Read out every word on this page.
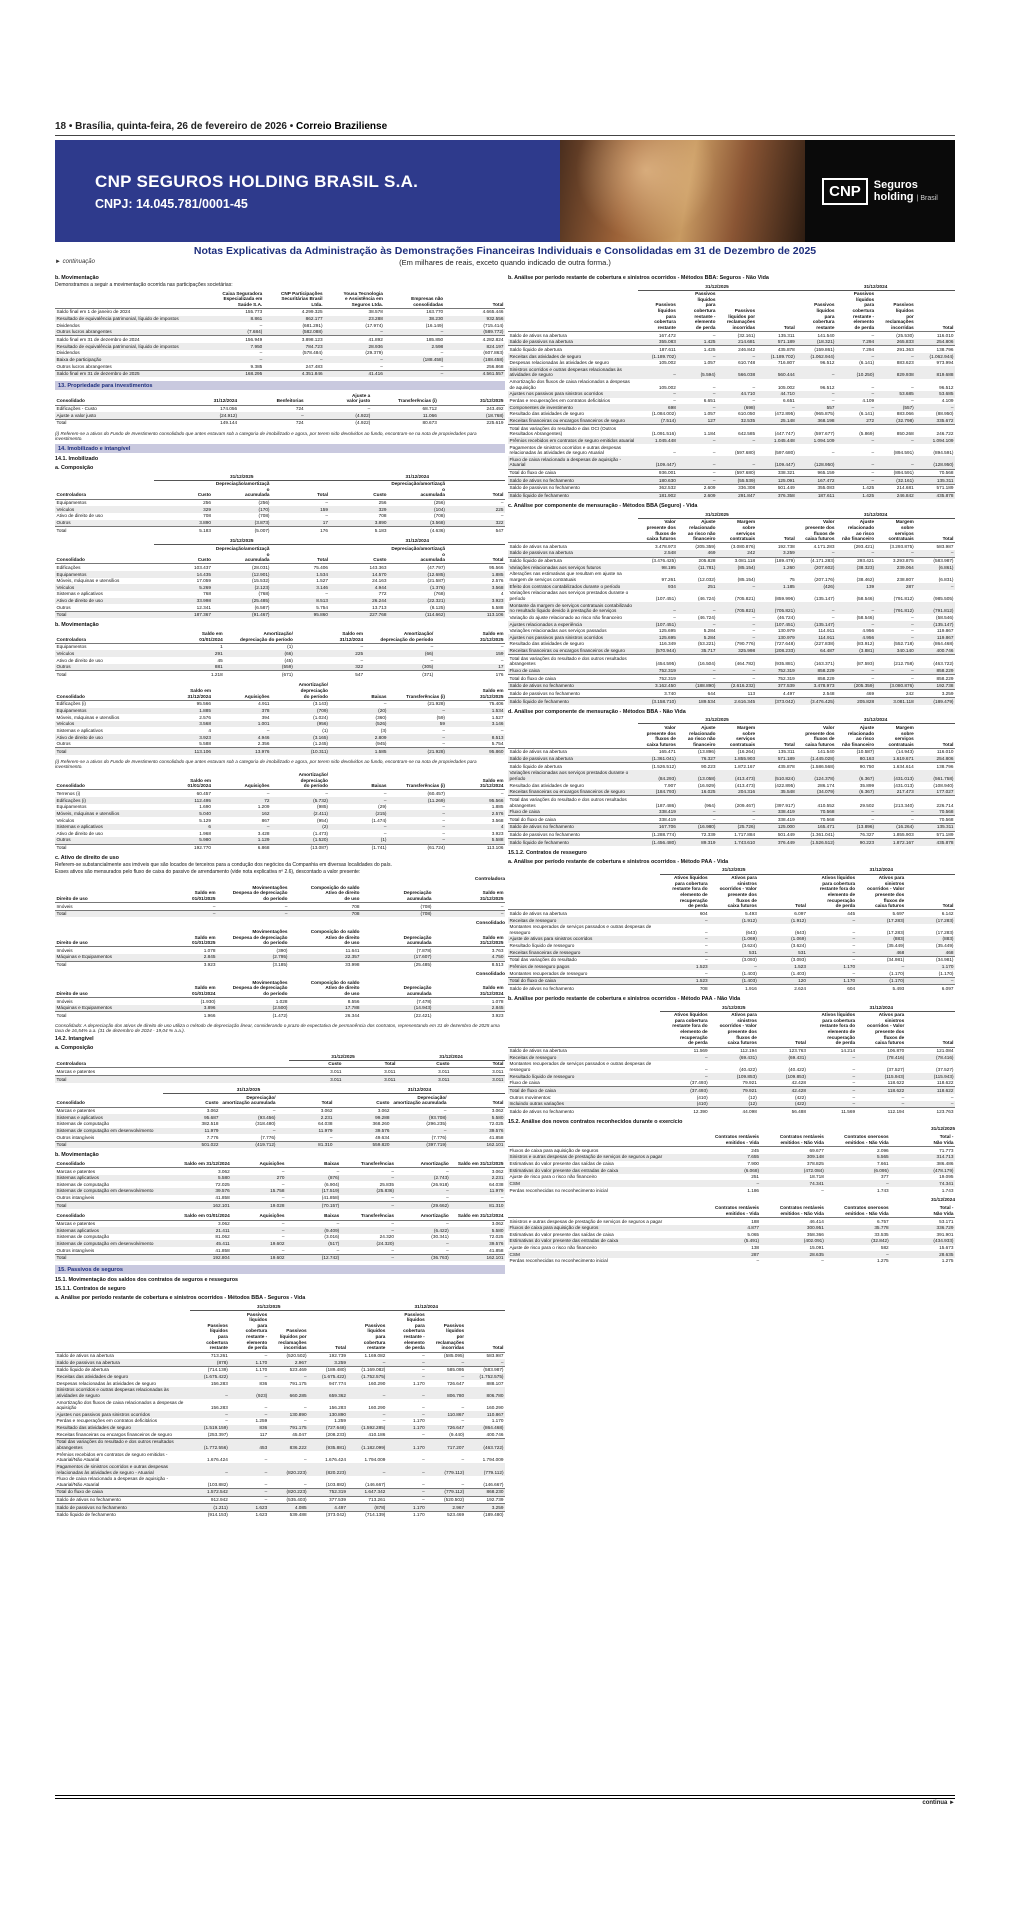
18 • Brasília, quinta-feira, 26 de fevereiro de 2026 • Correio Braziliense
CNP SEGUROS HOLDING BRASIL S.A.
CNPJ: 14.045.781/0001-45
CNP	Seguros
holding | Brasil
Notas Explicativas da Administração às Demonstrações Financeiras Individuais e Consolidadas em 31 de Dezembro de 2025
(Em milhares de reais, exceto quando indicado de outra forma.)
► continuação
b. Movimentação
Demonstramos a seguir a movimentação ocorrida nas participações societárias:
	Caixa Seguradora
Especializada em
Saúde S.A.	CNP Participações
Securitárias Brasil
Ltda.	Yousa Tecnologia
e Assistência em
Seguros Ltda.	Empresas não
consolidadas	Total
Saldo final em 1 de janeiro de 2024	155.773	4.299.325	38.578	163.770	4.665.446
Resultado de equivalência patrimonial, líquido de impostos	8.861	862.177	23.288	38.230	932.556
Dividendos	–	(681.291)	(17.974)	(16.149)	(715.414)
Outros lucros abrangentes	(7.684)	(582.088)	–	–	(589.772)
Saldo final em 31 de dezembro de 2024	156.949	3.898.123	41.892	185.850	4.282.824
Resultado de equivalência patrimonial, líquido de impostos	7.950	784.723	28.936	2.598	824.197
Dividendos	–	(578.484)	(29.379)	–	(607.863)
Baixa de participação	–	–	–	(188.458)	(188.458)
Outros lucros abrangentes	9.385	247.483	–	–	256.868
Saldo final em 31 de dezembro de 2025	168.295	4.351.846	41.416	–	4.561.557
13. Propriedade para investimentos
Consolidado	31/12/2024	Benfeitorias	Ajuste a
valor justo	Transferências (i)	31/12/2025
Edificações - Custo	174.056	724	–	68.712	243.492
Ajuste a valor justo	(24.912)	–	(4.922)	11.066	(18.768)
Total	149.144	724	(4.922)	80.673	225.619
(i) Referem-se a ativos do Fundo de Investimento consolidado que antes estavam sob a categoria de imobilizado e agora, por terem sido devolvidos ao fundo, encontram-se na nota de propriedades para investimento.
14. Imobilizado e intangível
14.1. Imobilizado
a. Composição
	31/12/2025			31/12/2024		
Controladora	Custo	Depreciação/amortização
acumulada	Total	Custo	Depreciação/amortização
acumulada	Total
Equipamentos	256	(256)	–	256	(256)	–
Veículos	329	(170)	159	329	(104)	225
Ativo de direito de uso	708	(708)	–	708	(708)	–
Outros	3.890	(3.873)	17	3.890	(3.568)	322
Total	5.183	(5.007)	176	5.183	(4.636)	547
	31/12/2025			31/12/2024		
Consolidado	Custo	Depreciação/amortização
acumulada	Total	Custo	Depreciação/amortização
acumulada	Total
Edificações	103.437	(28.031)	75.406	143.363	(47.797)	95.566
Equipamentos	14.435	(12.901)	1.534	14.570	(12.685)	1.885
Móveis, máquinas e utensílios	17.059	(15.532)	1.527	24.163	(21.587)	2.576
Veículos	5.269	(2.123)	3.146	4.944	(1.376)	3.568
Sistemas e aplicativos	768	(768)	–	772	(768)	4
Ativo de direito de uso	33.998	(25.485)	8.513	26.244	(22.321)	3.923
Outros	12.341	(6.587)	5.754	13.713	(8.125)	5.588
Total	187.367	(91.467)	95.860	227.768	(114.662)	113.106
b. Movimentação
Controladora	Saldo em
01/01/2024	Amortização/
depreciação do período	Saldo em
31/12/2024	Amortização/
depreciação do período	Saldo em
31/12/2025
Equipamentos	1	(1)	–	–	–
Veículos	291	(66)	225	(66)	159
Ativo de direito de uso	45	(45)	–	–	–
Outros	881	(559)	322	(305)	17
Total	1.218	(671)	547	(371)	176
Consolidado	Saldo em
31/12/2024	Aquisições	Amortização/
depreciação
do período	Baixas	Transferências (i)	Saldo em
31/12/2025
Edificações (i)	95.566	4.911	(3.143)	–	(21.928)	75.406
Equipamentos	1.885	378	(709)	(20)	–	1.534
Móveis, máquinas e utensílios	2.576	394	(1.024)	(360)	(59)	1.527
Veículos	3.568	1.001	(956)	(526)	59	3.146
Sistemas e aplicativos	4	–	(1)	(3)	–	–
Ativo de direito de uso	3.923	4.946	(3.165)	2.809	–	8.513
Outros	5.588	2.356	(1.245)	(945)	–	5.754
Total	113.106	13.976	(10.311)	1.585	(21.928)	95.860
(i) Referem-se a ativos do Fundo de Investimento consolidado que antes estavam sob a categoria de imobilizado e agora, por terem sido devolvidos ao fundo, encontram-se na nota de propriedades para investimento.
Consolidado	Saldo em
01/01/2024	Aquisições	Amortização/
depreciação
do período	Baixas	Transferências (i)	Saldo em
31/12/2024
Terrenos (i)	60.457	–	–	–	(60.457)	–
Edificações (i)	112.495	72	(5.732)	–	(11.269)	95.566
Equipamentos	1.690	1.209	(985)	(29)	–	1.885
Móveis, máquinas e utensílios	5.040	162	(2.411)	(215)	–	2.576
Veículos	5.129	867	(954)	(1.474)	–	3.568
Sistemas e aplicativos	6	–	(2)	–	–	4
Ativo de direito de uso	1.968	3.428	(1.473)	–	–	3.923
Outros	5.980	1.129	(1.520)	(1)	–	5.588
Total	192.770	6.868	(13.087)	(1.741)	(61.724)	113.106
c. Ativo de direito de uso
Referem-se substancialmente aos imóveis que são locados de terceiros para a condução dos negócios da Companhia em diversas localidades do país.
Esses ativos são mensurados pelo fluxo de caixa do passivo de arrendamento (vide nota explicativa nº 2.6), descontado a valor presente:
Controladora
Direito de uso	Saldo em
01/01/2025	Movimentações
Despesa de depreciação
do período	Composição do saldo
Ativo de direito
de uso	Depreciação
acumulada	Saldo em
31/12/2025
Imóveis	–	–	708	(708)	–
Total	–	–	708	(708)	–
Consolidado
Direito de uso	Saldo em
01/01/2025	Movimentações
Despesa de depreciação
do período	Composição do saldo
Ativo de direito
de uso	Depreciação
acumulada	Saldo em
31/12/2025
Imóveis	1.078	(390)	11.641	(7.878)	3.763
Máquinas e Equipamentos	2.845	(2.795)	22.357	(17.607)	4.750
Total	3.923	(3.185)	33.998	(25.485)	8.513
Consolidado
Direito de uso	Saldo em
01/01/2024	Movimentações
Despesa de depreciação
do período	Composição do saldo
Ativo de direito
de uso	Depreciação
acumulada	Saldo em
31/12/2024
Imóveis	(1.930)	1.028	8.556	(7.478)	1.078
Máquinas e Equipamentos	3.896	(2.500)	17.788	(14.943)	2.845
Total	1.966	(1.472)	26.344	(22.421)	3.923
Consolidado: A depreciação dos ativos de direito de uso utiliza o método de depreciação linear, considerando o prazo de expectativa de permanência dos contratos, representando em 31 de dezembro de 2025 uma taxa de 16,54% a.a. (31 de dezembro de 2024 - 19,04 % a.a.).
14.2. Intangível
a. Composição
	31/12/2025		31/12/2024	
Controladora	Custo	Total	Custo	Total
Marcas e patentes	3.011	3.011	3.011	3.011
Total	3.011	3.011	3.011	3.011
	31/12/2025			31/12/2024		
Consolidado	Custo	Depreciação/
amortização acumulada	Total	Custo	Depreciação/
amortização acumulada	Total
Marcas e patentes	3.062	–	3.062	3.062	–	3.062
Sistemas e aplicativos	95.687	(93.456)	2.231	99.288	(93.708)	5.580
Sistemas de computação	382.518	(318.480)	64.038	368.260	(296.235)	72.025
Sistemas de computação em desenvolvimento	11.979	–	11.979	39.576	–	39.576
Outros intangíveis	7.776	(7.776)	–	49.634	(7.776)	41.858
Total	501.022	(419.712)	81.310	559.820	(397.719)	162.101
b. Movimentação
Consolidado	Saldo em 31/12/2024	Aquisições	Baixas	Transferências	Amortização	Saldo em 31/12/2025
Marcas e patentes	3.062	–	–	–	–	3.062
Sistemas aplicativos	5.580	270	(876)	–	(2.743)	2.231
Sistemas de computação	72.025	–	(6.904)	25.835	(26.918)	64.038
Sistemas de computação em desenvolvimento	39.576	15.758	(17.519)	(25.836)	–	11.979
Outros intangíveis	41.858	–	(41.858)	–	–	–
Total	162.101	19.028	(70.157)	–	(29.662)	81.310
Consolidado	Saldo em 01/01/2024	Aquisições	Baixas	Transferências	Amortização	Saldo em 31/12/2024
Marcas e patentes	3.062	–	–	–	–	3.062
Sistemas aplicativos	21.411	–	(9.409)	–	(6.422)	5.580
Sistemas de computação	81.062	–	(3.016)	24.320	(30.341)	72.025
Sistemas de computação em desenvolvimento	45.411	19.602	(517)	(24.320)	–	39.576
Outros intangíveis	41.858	–	–	–	–	41.858
Total	192.804	19.602	(12.742)	–	(36.763)	162.101
15. Passivos de seguros
15.1. Movimentação dos saldos dos contratos de seguros e resseguros
15.1.1. Contratos de seguro
a. Análise por período restante de cobertura e sinistros ocorridos - Métodos BBA - Seguros - Vida
	31/12/2025				31/12/2024			
	Passivos
líquidos
para
cobertura
restante	Passivos
líquidos
para
cobertura
restante -
elemento
de perda	Passivos
líquidos por
reclamações
incorridas	Total	Passivos
líquidos
para
cobertura
restante	Passivos
líquidos
para
cobertura
restante -
elemento
de perda	Passivos
líquidos
por
reclamações
incorridas	Total
Saldo de ativos na abertura	713.261	–	(520.502)	192.739	1.169.082	–	(585.095)	583.987
Saldo de passivos na abertura	(878)	1.170	2.967	3.259	–	–	–	–
Saldo líquido de abertura	(714.139)	1.170	523.469	(189.480)	(1.169.082)	–	585.095	(583.987)
Receitas das atividades de seguro	(1.675.422)	–	–	(1.675.422)	(1.752.575)	–	–	(1.752.575)
Despesas relacionadas às atividades de seguro	156.283	836	791.175	947.774	160.290	1.170	726.647	888.107
Sinistros ocorridos e outras despesas relacionadas às atividades de seguro	–	(923)	660.285	659.362	–	–	806.780	806.780
Amortização dos fluxos de caixa relacionados a despesas de aquisição	156.283	–	–	156.283	160.290	–	–	160.290
Ajustes nos passivos para sinistros ocorridos	–	–	130.890	130.890	–	–	110.867	110.867
Perdas e recuperações em contratos deficitários	–	1.259	–	1.259	–	1.170	–	1.170
Resultado das atividades de seguro	(1.519.159)	836	791.175	(727.648)	(1.592.285)	1.170	726.647	(864.468)
Receitas financeiras ou encargos financeiros de seguro	(253.397)	117	45.047	(208.233)	410.186	–	(9.440)	400.746
Total das variações do resultado e dos outros resultados abrangentes	(1.772.556)	453	836.222	(935.881)	(1.182.099)	1.170	717.207	(463.722)
Prêmios recebidos em contratos de seguro emitidos - Atuarial/Não Atuarial	1.676.424	–	–	1.676.424	1.794.009	–	–	1.794.009
Pagamentos de sinistros ocorridos e outras despesas relacionadas às atividades de seguro - Atuarial	–	–	(820.223)	(820.223)	–	–	(779.112)	(779.112)
Fluxo de caixa relacionado a despesas de aquisição - Atuarial/Não Atuarial	(103.882)	–	–	(103.882)	(146.667)	–	–	(146.667)
Total do fluxo de caixa	1.572.542	–	(820.223)	752.319	1.647.342	–	(779.112)	868.230
Saldo de ativos no fechamento	912.942	–	(535.403)	377.539	713.261	–	(520.502)	192.739
Saldo de passivos no fechamento	(1.211)	1.623	4.085	4.497	(878)	1.170	2.967	3.259
Saldo líquido de fechamento	(914.153)	1.623	539.488	(373.042)	(714.139)	1.170	523.469	(189.480)
b. Análise por período restante de cobertura e sinistros ocorridos - Métodos BBA: Seguros - Não Vida
	31/12/2025				31/12/2024			
	Passivos
líquidos
para
cobertura
restante	Passivos
líquidos
para
cobertura
restante -
elemento
de perda	Passivos
líquidos por
reclamações
incorridas	Total	Passivos
líquidos
para
cobertura
restante	Passivos
líquidos
para
cobertura
restante -
elemento
de perda	Passivos
líquidos
por
reclamações
incorridas	Total
Saldo de ativos na abertura	167.472	–	(32.161)	135.311	141.540	–	(25.530)	116.010
Saldo de passivos na abertura	355.083	1.425	214.681	571.189	(18.321)	7.294	265.833	254.806
Saldo líquido de abertura	187.611	1.425	246.842	435.878	(159.861)	7.294	291.363	138.796
Receitas das atividades de seguro	(1.189.702)	–	–	(1.189.702)	(1.062.944)	–	–	(1.062.944)
Despesas relacionadas às atividades de seguro	105.002	1.057	610.748	716.807	96.512	(6.141)	883.623	973.994
Sinistros ocorridos e outras despesas relacionadas às atividades de seguro	–	(5.594)	566.038	560.444	–	(10.250)	829.938	819.688
Amortização dos fluxos de caixa relacionados a despesas de aquisição	105.002	–	–	105.002	96.512	–	–	96.512
Ajustes nos passivos para sinistros ocorridos	–	–	44.710	44.710	–	–	53.685	53.685
Perdas e recuperações em contratos deficitários	–	6.651	–	6.651	–	4.109	–	4.109
Componentes de investimento	698	–	(698)	–	557	–	(557)	–
Resultado das atividades de seguro	(1.084.002)	1.057	610.050	(472.895)	(965.875)	(6.141)	883.066	(88.950)
Receitas financeiras ou encargos financeiros de seguro	(7.514)	127	32.535	25.148	368.198	272	(32.798)	335.672
Total das variações do resultado e das OCI (Outros Resultados Abrangentes)	(1.091.516)	1.184	642.585	(447.747)	(597.677)	(5.869)	850.268	246.722
Prêmios recebidos em contratos de seguro emitidos atuarial	1.045.448	–	–	1.045.448	1.094.109	–	–	1.094.109
Pagamentos de sinistros ocorridos e outras despesas relacionadas às atividades de seguro Atuarial	–	–	(597.680)	(597.680)	–	–	(894.591)	(894.591)
Fluxo de caixa relacionado a despesas de aquisição - Atuarial	(109.447)	–	–	(109.447)	(128.950)	–	–	(128.950)
Total do fluxo de caixa	936.001	–	(597.680)	338.321	965.159	–	(894.591)	70.568
Saldo de ativos no fechamento	180.630	–	(55.539)	125.091	167.472	–	(32.161)	135.311
Saldo de passivos no fechamento	362.532	2.609	336.308	501.449	355.083	1.425	214.681	571.189
Saldo líquido de fechamento	181.902	2.609	291.847	376.358	187.611	1.425	246.842	435.878
c. Análise por componente de mensuração - Métodos BBA (Seguro) - Vida
	31/12/2025				31/12/2024			
	Valor
presente dos
fluxos de
caixa futuros	Ajuste
relacionado
ao risco não
financeiro	Margem
sobre
serviços
contratuais	Total	Valor
presente dos
fluxos de
caixa futuros	Ajuste
relacionado
ao risco
não financeiro	Margem
sobre
serviços
contratuais	Total
Saldo de ativos na abertura	3.478.973	(205.359)	(3.080.876)	192.738	4.171.283	(293.421)	(3.293.875)	583.987
Saldo de passivos na abertura	2.548	469	242	3.259	–	–	–	–
Saldo líquido de abertura	(3.476.425)	205.828	3.081.118	(189.479)	(4.171.283)	293.421	3.293.875	(583.987)
Variações relacionadas aos serviços futuros	98.195	(11.781)	(85.154)	1.260	(207.602)	(38.323)	239.064	(6.861)
Alterações nas estimativas que resultam em ajuste na margem de serviços contratuais	97.261	(12.032)	(85.154)	75	(207.176)	(38.462)	238.807	(6.831)
Efeito dos contratos contabilizados durante o período	934	251	–	1.185	(426)	139	287	–
Variações relacionadas aos serviços prestados durante o período	(107.451)	(46.724)	(705.821)	(859.996)	(135.147)	(58.546)	(791.812)	(985.505)
Montante da margem de serviços contratuais contabilizado no resultado líquido devido à prestação de serviços	–	–	(705.821)	(705.821)	–	–	(791.812)	(791.812)
Variação do ajuste relacionado ao risco não financeiro	–	(46.724)	–	(46.724)	–	(58.546)	–	(58.546)
Ajustes relacionados a experiência	(107.451)	–	–	(107.451)	(135.147)	–	–	(135.147)
Variações relacionadas aos serviços passados	125.695	5.284	–	130.979	114.911	4.956	–	119.867
Ajustes nos passivos para sinistros ocorridos	125.695	5.284	–	130.979	114.911	4.956	–	119.867
Resultado das atividades de seguro	116.349	(53.221)	(790.776)	(727.648)	(227.838)	(83.912)	(552.718)	(864.468)
Receitas financeiras ou encargos financeiros de seguro	(570.944)	35.717	325.998	(208.233)	64.487	(3.881)	340.140	400.746
Total das variações do resultado e dos outros resultados abrangentes	(454.595)	(16.504)	(464.782)	(935.881)	(163.371)	(87.593)	(212.758)	(463.722)
Fluxo de caixa	752.319	–	–	752.319	858.229	–	–	858.229
Total do fluxo de caixa	752.319	–	–	752.319	858.229	–	–	858.229
Saldo de ativos no fechamento	3.162.450	(188.890)	(2.616.232)	377.539	3.478.973	(205.359)	(3.080.876)	192.738
Saldo de passivos no fechamento	3.740	644	113	4.497	2.548	469	242	3.259
Saldo líquido de fechamento	(3.158.710)	189.534	2.616.345	(373.042)	(3.476.425)	205.828	3.081.118	(189.479)
d. Análise por componente de mensuração - Métodos BBA - Não Vida
	31/12/2025				31/12/2024			
	Valor
presente dos
fluxos de
caixa futuros	Ajuste
relacionado
ao risco não
financeiro	Margem
sobre
serviços
contratuais	Total	Valor
presente dos
fluxos de
caixa futuros	Ajuste
relacionado
ao risco
não financeiro	Margem
sobre
serviços
contratuais	Total
Saldo de ativos na abertura	165.471	(13.896)	(16.264)	135.311	141.540	(10.587)	(14.943)	116.010
Saldo de passivos na abertura	(1.361.041)	76.327	1.855.903	571.189	(1.445.028)	80.163	1.619.671	254.806
Saldo líquido de abertura	(1.526.512)	90.223	1.872.167	435.878	(1.586.568)	90.750	1.634.614	138.796
Variações relacionadas aos serviços prestados durante o período	(84.293)	(13.058)	(413.473)	(510.824)	(124.378)	(6.367)	(431.013)	(561.758)
Resultado das atividades de seguro	7.907	(16.929)	(413.473)	(422.895)	286.174	35.899	(431.013)	(108.940)
Receitas financeiras ou encargos financeiros de seguro	(184.793)	16.025	204.316	35.548	(34.079)	(6.367)	217.473	177.027
Total das variações do resultado e dos outros resultados abrangentes	(187.486)	(964)	(209.467)	(397.917)	410.552	29.502	(213.340)	226.714
Fluxo de caixa	338.419	–	–	338.419	70.568	–	–	70.568
Total do fluxo de caixa	338.419	–	–	338.419	70.568	–	–	70.568
Saldo de ativos no fechamento	167.706	(16.980)	(25.726)	125.000	165.471	(13.896)	(16.264)	135.311
Saldo de passivos no fechamento	(1.288.774)	72.339	1.717.884	501.449	(1.361.041)	76.327	1.855.903	571.189
Saldo líquido de fechamento	(1.456.480)	89.319	1.743.610	376.449	(1.526.512)	90.223	1.872.167	435.878
15.1.2. Contratos de resseguro
a. Análise por período restante de cobertura e sinistros ocorridos - Método PAA - Vida
	31/12/2025			31/12/2024		
	Ativos líquidos
para cobertura
restante fora do
elemento de
recuperação
de perda	Ativos para
sinistros
ocorridos - Valor
presente dos
fluxos de
caixa futuros	Total	Ativos líquidos
para cobertura
restante fora do
elemento de
recuperação
de perda	Ativos para
sinistros
ocorridos - Valor
presente dos
fluxos de
caixa futuros	Total
Saldo de ativos na abertura	604	5.493	6.097	445	5.697	6.142
Receitas de resseguro	–	(1.912)	(1.912)	–	(17.283)	(17.283)
Montantes recuperados de serviços passados e outras despesas de resseguro	–	(643)	(643)	–	(17.283)	(17.283)
Ajuste de ativos para sinistros ocorridos	–	(1.069)	(1.069)	–	(883)	(883)
Resultado líquido de resseguro	–	(3.624)	(3.624)	–	(35.449)	(35.449)
Receitas financeiras de resseguro	–	531	531	–	468	468
Total das variações do resultado	–	(3.093)	(3.093)	–	(34.981)	(34.981)
Prêmios de resseguro pagos	1.523	–	1.523	1.170	–	1.170
Montantes recuperados de resseguro	–	(1.403)	(1.403)	–	(1.170)	(1.170)
Total do fluxo de caixa	1.523	(1.403)	120	1.170	(1.170)	–
Saldo de ativos no fechamento	708	1.916	2.624	604	5.493	6.097
b. Análise por período restante de cobertura e sinistros ocorridos - Método PAA - Não Vida
	31/12/2025			31/12/2024		
	Ativos líquidos
para cobertura
restante fora do
elemento de
recuperação
de perda	Ativos para
sinistros
ocorridos - Valor
presente dos
fluxos de
caixa futuros	Total	Ativos líquidos
para cobertura
restante fora do
elemento de
recuperação
de perda	Ativos para
sinistros
ocorridos - Valor
presente dos
fluxos de
caixa futuros	Total
Saldo de ativos na abertura	11.569	112.194	123.763	14.214	106.870	121.084
Receitas de resseguro	–	(69.431)	(69.431)	–	(78.416)	(78.416)
Montantes recuperados de serviços passados e outras despesas de resseguro	–	(40.422)	(40.422)	–	(37.527)	(37.527)
Resultado líquido de resseguro	–	(109.853)	(109.853)	–	(115.943)	(115.943)
Fluxo de caixa	(37.493)	79.921	42.428	–	118.622	118.622
Total de fluxo de caixa	(37.493)	79.921	42.428	–	118.622	118.622
Outros movimentos:	(410)	(12)	(422)	–	–	–
Incluindo outras variações	(410)	(12)	(422)	–	–	–
Saldo de ativos no fechamento	12.390	44.098	56.488	11.569	112.194	123.763
15.2. Análise dos novos contratos reconhecidos durante o exercício
31/12/2025
	Contratos rentáveis
emitidos - Vida	Contratos rentáveis
emitidos - Não Vida	Contratos onerosos
emitidos - Não Vida	Total -
Não Vida
Fluxos de caixa para aquisição de seguros	245	69.677	2.096	71.773
Sinistros e outras despesas de prestação de serviços de seguros a pagar	7.655	309.148	5.565	314.713
Estimativas do valor presente das saídas de caixa	7.900	378.825	7.661	386.486
Estimativas do valor presente das entradas de caixa	(6.068)	(472.084)	(6.095)	(478.179)
Ajuste de risco para o risco não financeiro	251	18.718	377	19.095
CSM	–	74.341	–	74.341
Perdas reconhecidas no reconhecimento inicial	1.186	–	1.743	1.743
31/12/2024
	Contratos rentáveis
emitidos - Vida	Contratos rentáveis
emitidos - Não Vida	Contratos onerosos
emitidos - Não Vida	Total -
Não Vida
Sinistros e outras despesas de prestação de serviços de seguros a pagar	188	46.414	6.757	53.171
Fluxos de caixa para aquisição de seguros	4.877	300.951	35.778	336.729
Estimativas do valor presente das saídas de caixa	5.065	358.366	33.535	391.901
Estimativas do valor presente das entradas de caixa	(5.491)	(402.091)	(32.842)	(434.933)
Ajuste de risco para o risco não financeiro	138	15.091	582	15.673
CSM	287	28.635	–	28.635
Perdas reconhecidas no reconhecimento inicial	–	–	1.275	1.275
continua ►
